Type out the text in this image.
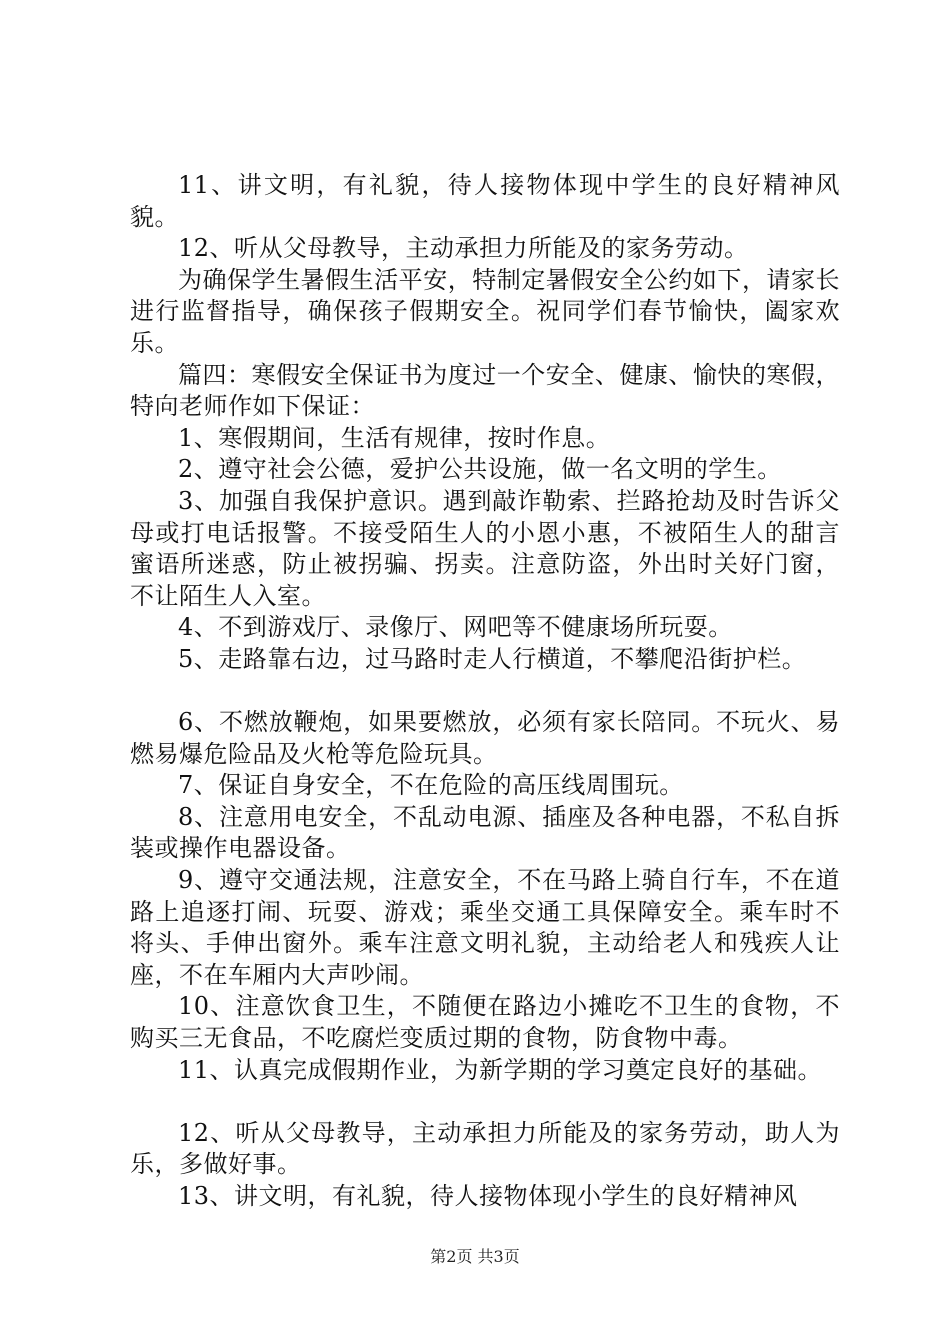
11、讲文明，有礼貌，待人接物体现中学生的良好精神风貌。

12、听从父母教导，主动承担力所能及的家务劳动。

为确保学生暑假生活平安，特制定暑假安全公约如下，请家长进行监督指导，确保孩子假期安全。祝同学们春节愉快，阖家欢乐。

篇四：寒假安全保证书为度过一个安全、健康、愉快的寒假，特向老师作如下保证：

1、寒假期间，生活有规律，按时作息。

2、遵守社会公德，爱护公共设施，做一名文明的学生。

3、加强自我保护意识。遇到敲诈勒索、拦路抢劫及时告诉父母或打电话报警。不接受陌生人的小恩小惠，不被陌生人的甜言蜜语所迷惑，防止被拐骗、拐卖。注意防盗，外出时关好门窗，不让陌生人入室。

4、不到游戏厅、录像厅、网吧等不健康场所玩耍。

5、走路靠右边，过马路时走人行横道，不攀爬沿街护栏。

6、不燃放鞭炮，如果要燃放，必须有家长陪同。不玩火、易燃易爆危险品及火枪等危险玩具。

7、保证自身安全，不在危险的高压线周围玩。

8、注意用电安全，不乱动电源、插座及各种电器，不私自拆装或操作电器设备。

9、遵守交通法规，注意安全，不在马路上骑自行车，不在道路上追逐打闹、玩耍、游戏；乘坐交通工具保障安全。乘车时不将头、手伸出窗外。乘车注意文明礼貌，主动给老人和残疾人让座，不在车厢内大声吵闹。

10、注意饮食卫生，不随便在路边小摊吃不卫生的食物，不购买三无食品，不吃腐烂变质过期的食物，防食物中毒。

11、认真完成假期作业，为新学期的学习奠定良好的基础。

12、听从父母教导，主动承担力所能及的家务劳动，助人为乐，多做好事。

13、讲文明，有礼貌，待人接物体现小学生的良好精神风

第2页 共3页
